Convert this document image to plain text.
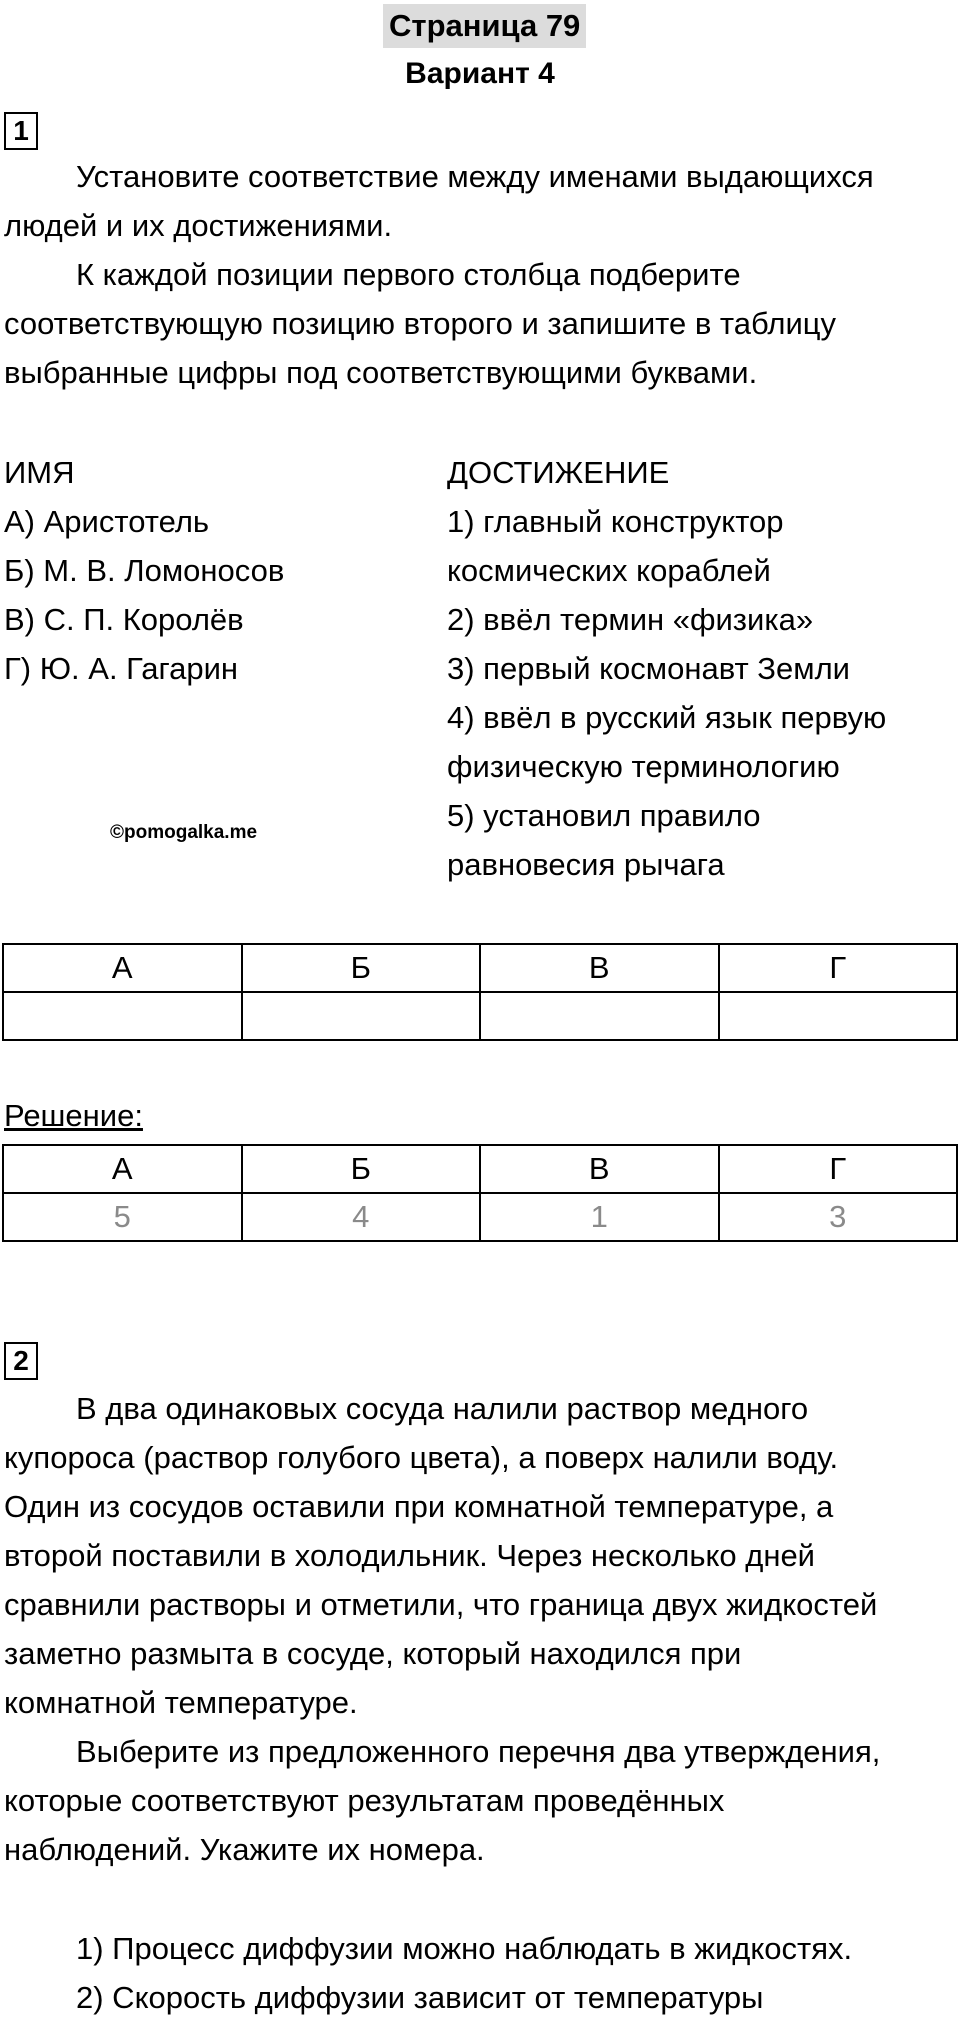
Страница 79
Вариант 4
1
Установите соответствие между именами выдающихся
людей и их достижениями.
К каждой позиции первого столбца подберите
соответствующую позицию второго и запишите в таблицу
выбранные цифры под соответствующими буквами.
ИМЯ
А) Аристотель
Б) М. В. Ломоносов
В) С. П. Королёв
Г) Ю. А. Гагарин
ДОСТИЖЕНИЕ
1) главный конструктор
космических кораблей
2) ввёл термин «физика»
3) первый космонавт Земли
4) ввёл в русский язык первую
физическую терминологию
5) установил правило
равновесия рычага
©pomogalka.me
А	Б	В	Г

Решение:
А	Б	В	Г
5	4	1	3
2
В два одинаковых сосуда налили раствор медного
купороса (раствор голубого цвета), а поверх налили воду.
Один из сосудов оставили при комнатной температуре, а
второй поставили в холодильник. Через несколько дней
сравнили растворы и отметили, что граница двух жидкостей
заметно размыта в сосуде, который находился при
комнатной температуре.
Выберите из предложенного перечня два утверждения,
которые соответствуют результатам проведённых
наблюдений. Укажите их номера.
1) Процесс диффузии можно наблюдать в жидкостях.
2) Скорость диффузии зависит от температуры
